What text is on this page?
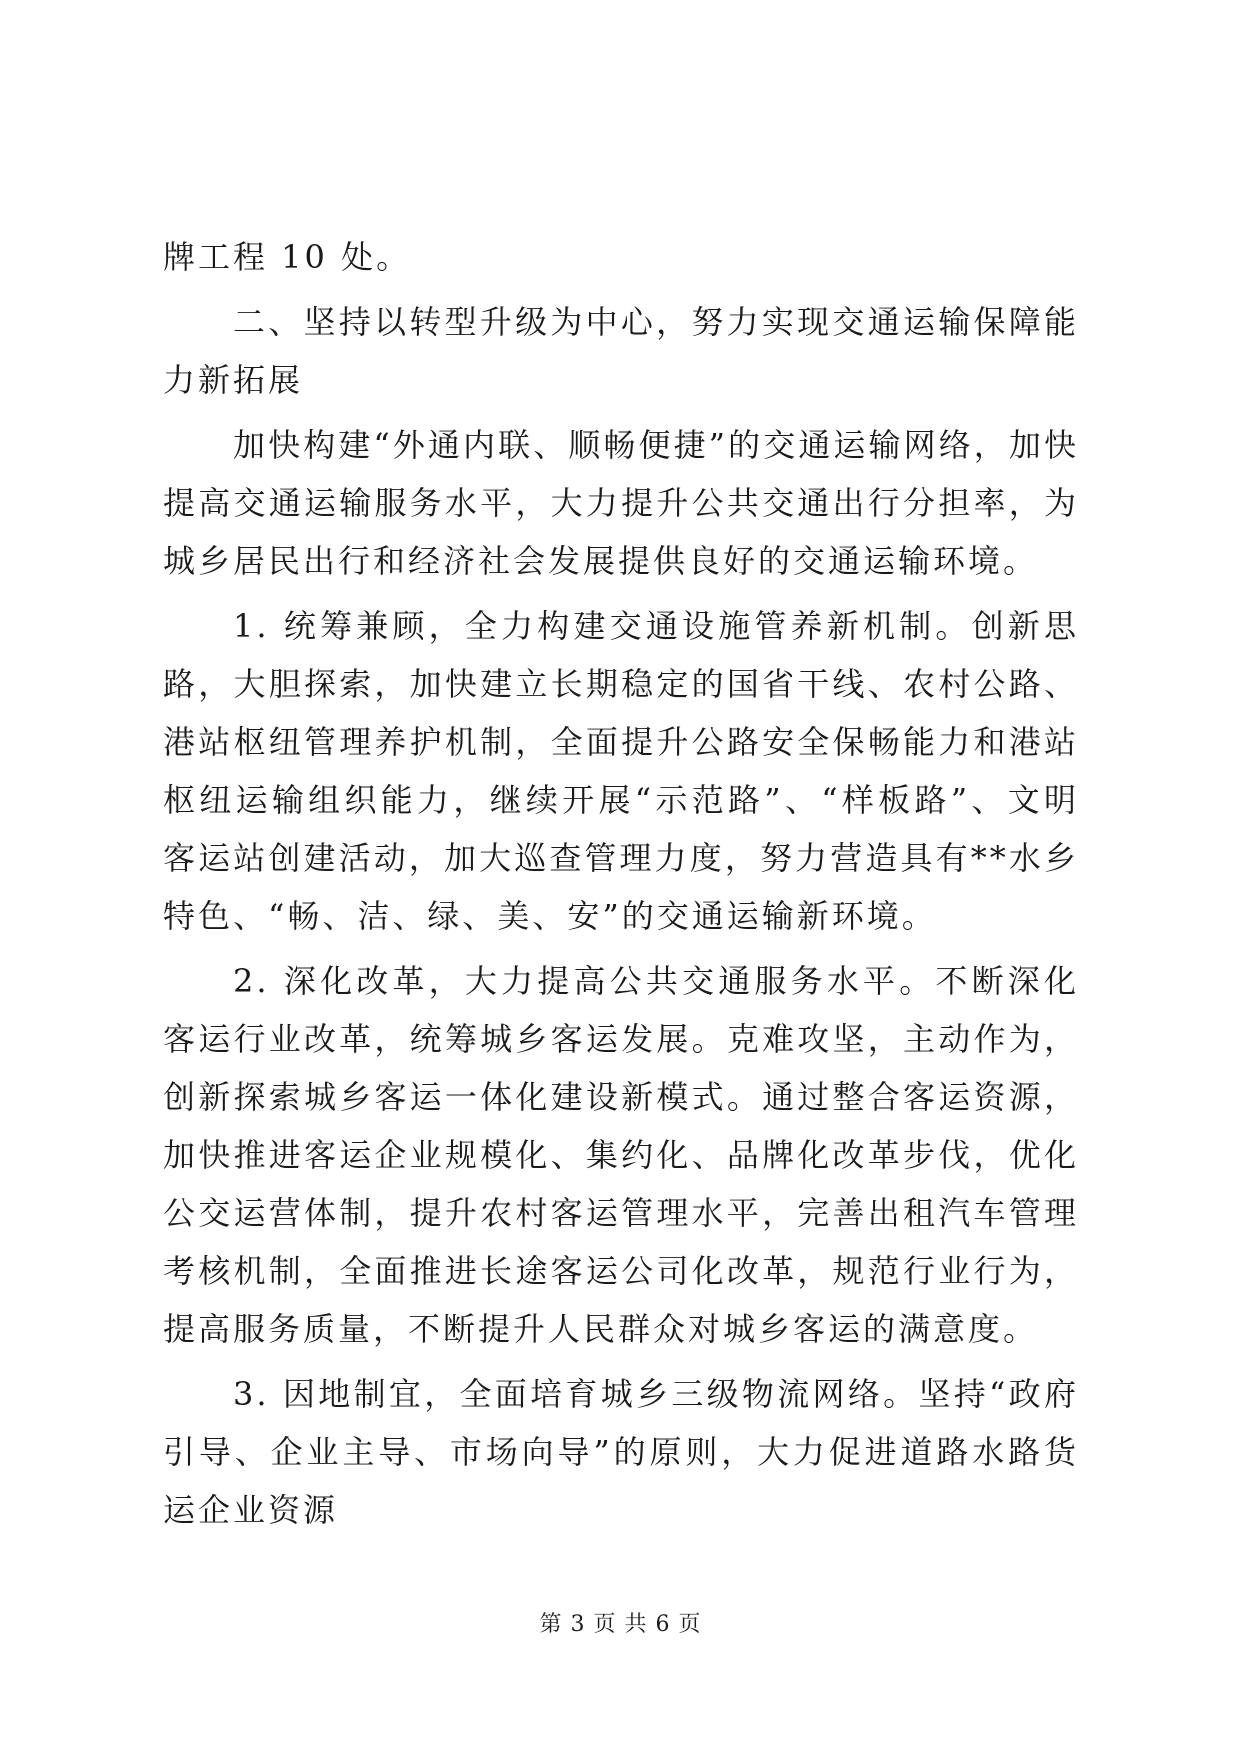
牌工程 10 处。

二、坚持以转型升级为中心，努力实现交通运输保障能力新拓展

加快构建“外通内联、顺畅便捷”的交通运输网络，加快提高交通运输服务水平，大力提升公共交通出行分担率，为城乡居民出行和经济社会发展提供良好的交通运输环境。

1. 统筹兼顾，全力构建交通设施管养新机制。创新思路，大胆探索，加快建立长期稳定的国省干线、农村公路、港站枢纽管理养护机制，全面提升公路安全保畅能力和港站枢纽运输组织能力，继续开展“示范路”、“样板路”、文明客运站创建活动，加大巡查管理力度，努力营造具有**水乡特色、“畅、洁、绿、美、安”的交通运输新环境。

2. 深化改革，大力提高公共交通服务水平。不断深化客运行业改革，统筹城乡客运发展。克难攻坚，主动作为，创新探索城乡客运一体化建设新模式。通过整合客运资源，加快推进客运企业规模化、集约化、品牌化改革步伐，优化公交运营体制，提升农村客运管理水平，完善出租汽车管理考核机制，全面推进长途客运公司化改革，规范行业行为，提高服务质量，不断提升人民群众对城乡客运的满意度。

3. 因地制宜，全面培育城乡三级物流网络。坚持“政府引导、企业主导、市场向导”的原则，大力促进道路水路货运企业资源

第 3 页 共 6 页
